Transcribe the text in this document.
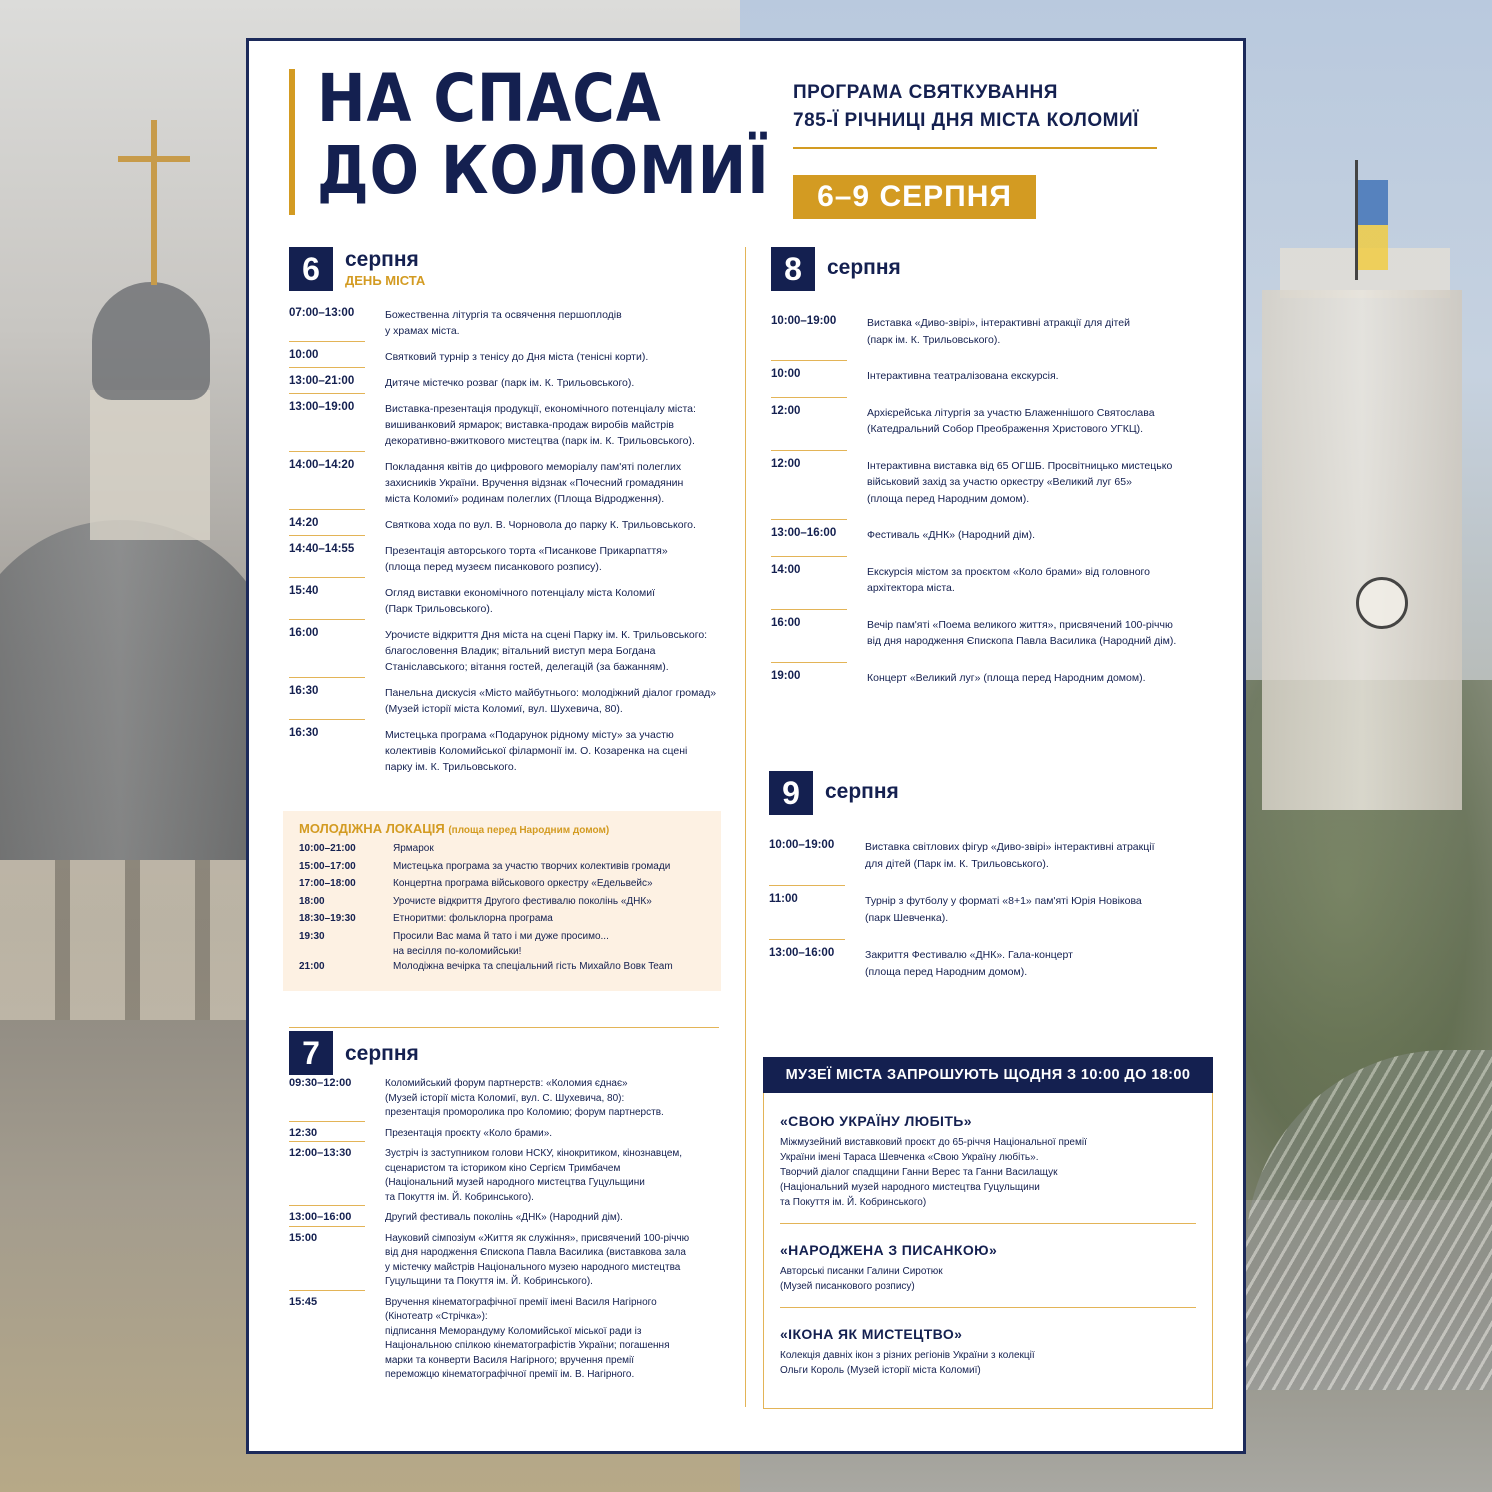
НА СПАСА
ДО КОЛОМИЇ
ПРОГРАМА СВЯТКУВАННЯ
785-Ї РІЧНИЦІ ДНЯ МІСТА КОЛОМИЇ
6–9 СЕРПНЯ
6	серпня
ДЕНЬ МІСТА
07:00–13:00	Божественна літургія та освячення першоплодів
у храмах міста.
10:00	Святковий турнір з тенісу до Дня міста (тенісні корти).
13:00–21:00	Дитяче містечко розваг (парк ім. К. Трильовського).
13:00–19:00	Виставка-презентація продукції, економічного потенціалу міста:
вишиванковий ярмарок; виставка-продаж виробів майстрів
декоративно-вжиткового мистецтва (парк ім. К. Трильовського).
14:00–14:20	Покладання квітів до цифрового меморіалу пам'яті полеглих
захисників України. Вручення відзнак «Почесний громадянин
міста Коломиї» родинам полеглих (Площа Відродження).
14:20	Святкова хода по вул. В. Чорновола до парку К. Трильовського.
14:40–14:55	Презентація авторського торта «Писанкове Прикарпаття»
(площа перед музеєм писанкового розпису).
15:40	Огляд виставки економічного потенціалу міста Коломиї
(Парк Трильовського).
16:00	Урочисте відкриття Дня міста на сцені Парку ім. К. Трильовського:
благословення Владик; вітальний виступ мера Богдана
Станіславського; вітання гостей, делегацій (за бажанням).
16:30	Панельна дискусія «Місто майбутнього: молодіжний діалог громад»
(Музей історії міста Коломиї, вул. Шухевича, 80).
16:30	Мистецька програма «Подарунок рідному місту» за участю
колективів Коломийської філармонії ім. О. Козаренка на сцені
парку ім. К. Трильовського.
МОЛОДІЖНА ЛОКАЦІЯ (площа перед Народним домом)
10:00–21:00	Ярмарок
15:00–17:00	Мистецька програма за участю творчих колективів громади
17:00–18:00	Концертна програма військового оркестру «Едельвейс»
18:00	Урочисте відкриття Другого фестивалю поколінь «ДНК»
18:30–19:30	Етноритми: фольклорна програма
19:30	Просили Вас мама й тато і ми дуже просимо...
на весілля по-коломийськи!
21:00	Молодіжна вечірка та спеціальний гість Михайло Вовк Team
7	серпня
09:30–12:00	Коломийський форум партнерств: «Коломия єднає»
(Музей історії міста Коломиї, вул. С. Шухевича, 80):
презентація проморолика про Коломию; форум партнерств.
12:30	Презентація проєкту «Коло брами».
12:00–13:30	Зустріч із заступником голови НСКУ, кінокритиком, кінознавцем,
сценаристом та істориком кіно Сергієм Тримбачем
(Національний музей народного мистецтва Гуцульщини
та Покуття ім. Й. Кобринського).
13:00–16:00	Другий фестиваль поколінь «ДНК» (Народний дім).
15:00	Науковий сімпозіум «Життя як служіння», присвячений 100-річчю
від дня народження Єпископа Павла Василика (виставкова зала
у містечку майстрів Національного музею народного мистецтва
Гуцульщини та Покуття ім. Й. Кобринського).
15:45	Вручення кінематографічної премії імені Василя Нагірного
(Кінотеатр «Стрічка»):
підписання Меморандуму Коломийської міської ради із
Національною спілкою кінематографістів України; погашення
марки та конверти Василя Нагірного; вручення премії
переможцю кінематографічної премії ім. В. Нагірного.
8	серпня
10:00–19:00	Виставка «Диво-звірі», інтерактивні атракції для дітей
(парк ім. К. Трильовського).
10:00	Інтерактивна театралізована екскурсія.
12:00	Архієрейська літургія за участю Блаженнішого Святослава
(Катедральний Собор Преображення Христового УГКЦ).
12:00	Інтерактивна виставка від 65 ОГШБ. Просвітницько мистецько
військовий захід за участю оркестру «Великий луг 65»
(площа перед Народним домом).
13:00–16:00	Фестиваль «ДНК» (Народний дім).
14:00	Екскурсія містом за проєктом «Коло брами» від головного
архітектора міста.
16:00	Вечір пам'яті «Поема великого життя», присвячений 100-річчю
від дня народження Єпископа Павла Василика (Народний дім).
19:00	Концерт «Великий луг» (площа перед Народним домом).
9	серпня
10:00–19:00	Виставка світлових фігур «Диво-звірі» інтерактивні атракції
для дітей (Парк ім. К. Трильовського).
11:00	Турнір з футболу у форматі «8+1» пам'яті Юрія Новікова
(парк Шевченка).
13:00–16:00	Закриття Фестивалю «ДНК». Гала-концерт
(площа перед Народним домом).
МУЗЕЇ МІСТА ЗАПРОШУЮТЬ ЩОДНЯ З 10:00 ДО 18:00
«СВОЮ УКРАЇНУ ЛЮБІТЬ»

Міжмузейний виставковий проєкт до 65-річчя Національної премії

України імені Тараса Шевченка «Свою Україну любіть».

Творчий діалог спадщини Ганни Верес та Ганни Василащук

(Національний музей народного мистецтва Гуцульщини

та Покуття ім. Й. Кобринського)

«НАРОДЖЕНА З ПИСАНКОЮ»

Авторські писанки Галини Сиротюк

(Музей писанкового розпису)

«ІКОНА ЯК МИСТЕЦТВО»

Колекція давніх ікон з різних регіонів України з колекції

Ольги Король (Музей історії міста Коломиї)
